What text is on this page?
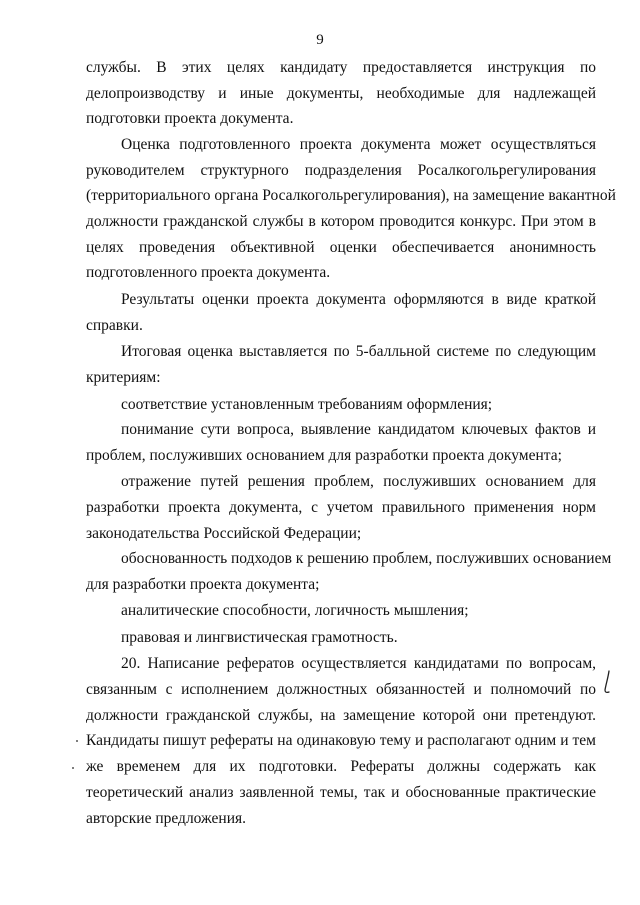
9
службы. В этих целях кандидату предоставляется инструкция по
делопроизводству и иные документы, необходимые для надлежащей
подготовки проекта документа.
Оценка подготовленного проекта документа может осуществляться
руководителем структурного подразделения Росалкогольрегулирования
(территориального органа Росалкогольрегулирования), на замещение вакантной
должности гражданской службы в котором проводится конкурс. При этом в
целях проведения объективной оценки обеспечивается анонимность
подготовленного проекта документа.
Результаты оценки проекта документа оформляются в виде краткой
справки.
Итоговая оценка выставляется по 5-балльной системе по следующим
критериям:
соответствие установленным требованиям оформления;
понимание сути вопроса, выявление кандидатом ключевых фактов и
проблем, послуживших основанием для разработки проекта документа;
отражение путей решения проблем, послуживших основанием для
разработки проекта документа, с учетом правильного применения норм
законодательства Российской Федерации;
обоснованность подходов к решению проблем, послуживших основанием
для разработки проекта документа;
аналитические способности, логичность мышления;
правовая и лингвистическая грамотность.
20. Написание рефератов осуществляется кандидатами по вопросам,
связанным с исполнением должностных обязанностей и полномочий по
должности гражданской службы, на замещение которой они претендуют.
Кандидаты пишут рефераты на одинаковую тему и располагают одним и тем
же временем для их подготовки. Рефераты должны содержать как
теоретический анализ заявленной темы, так и обоснованные практические
авторские предложения.
